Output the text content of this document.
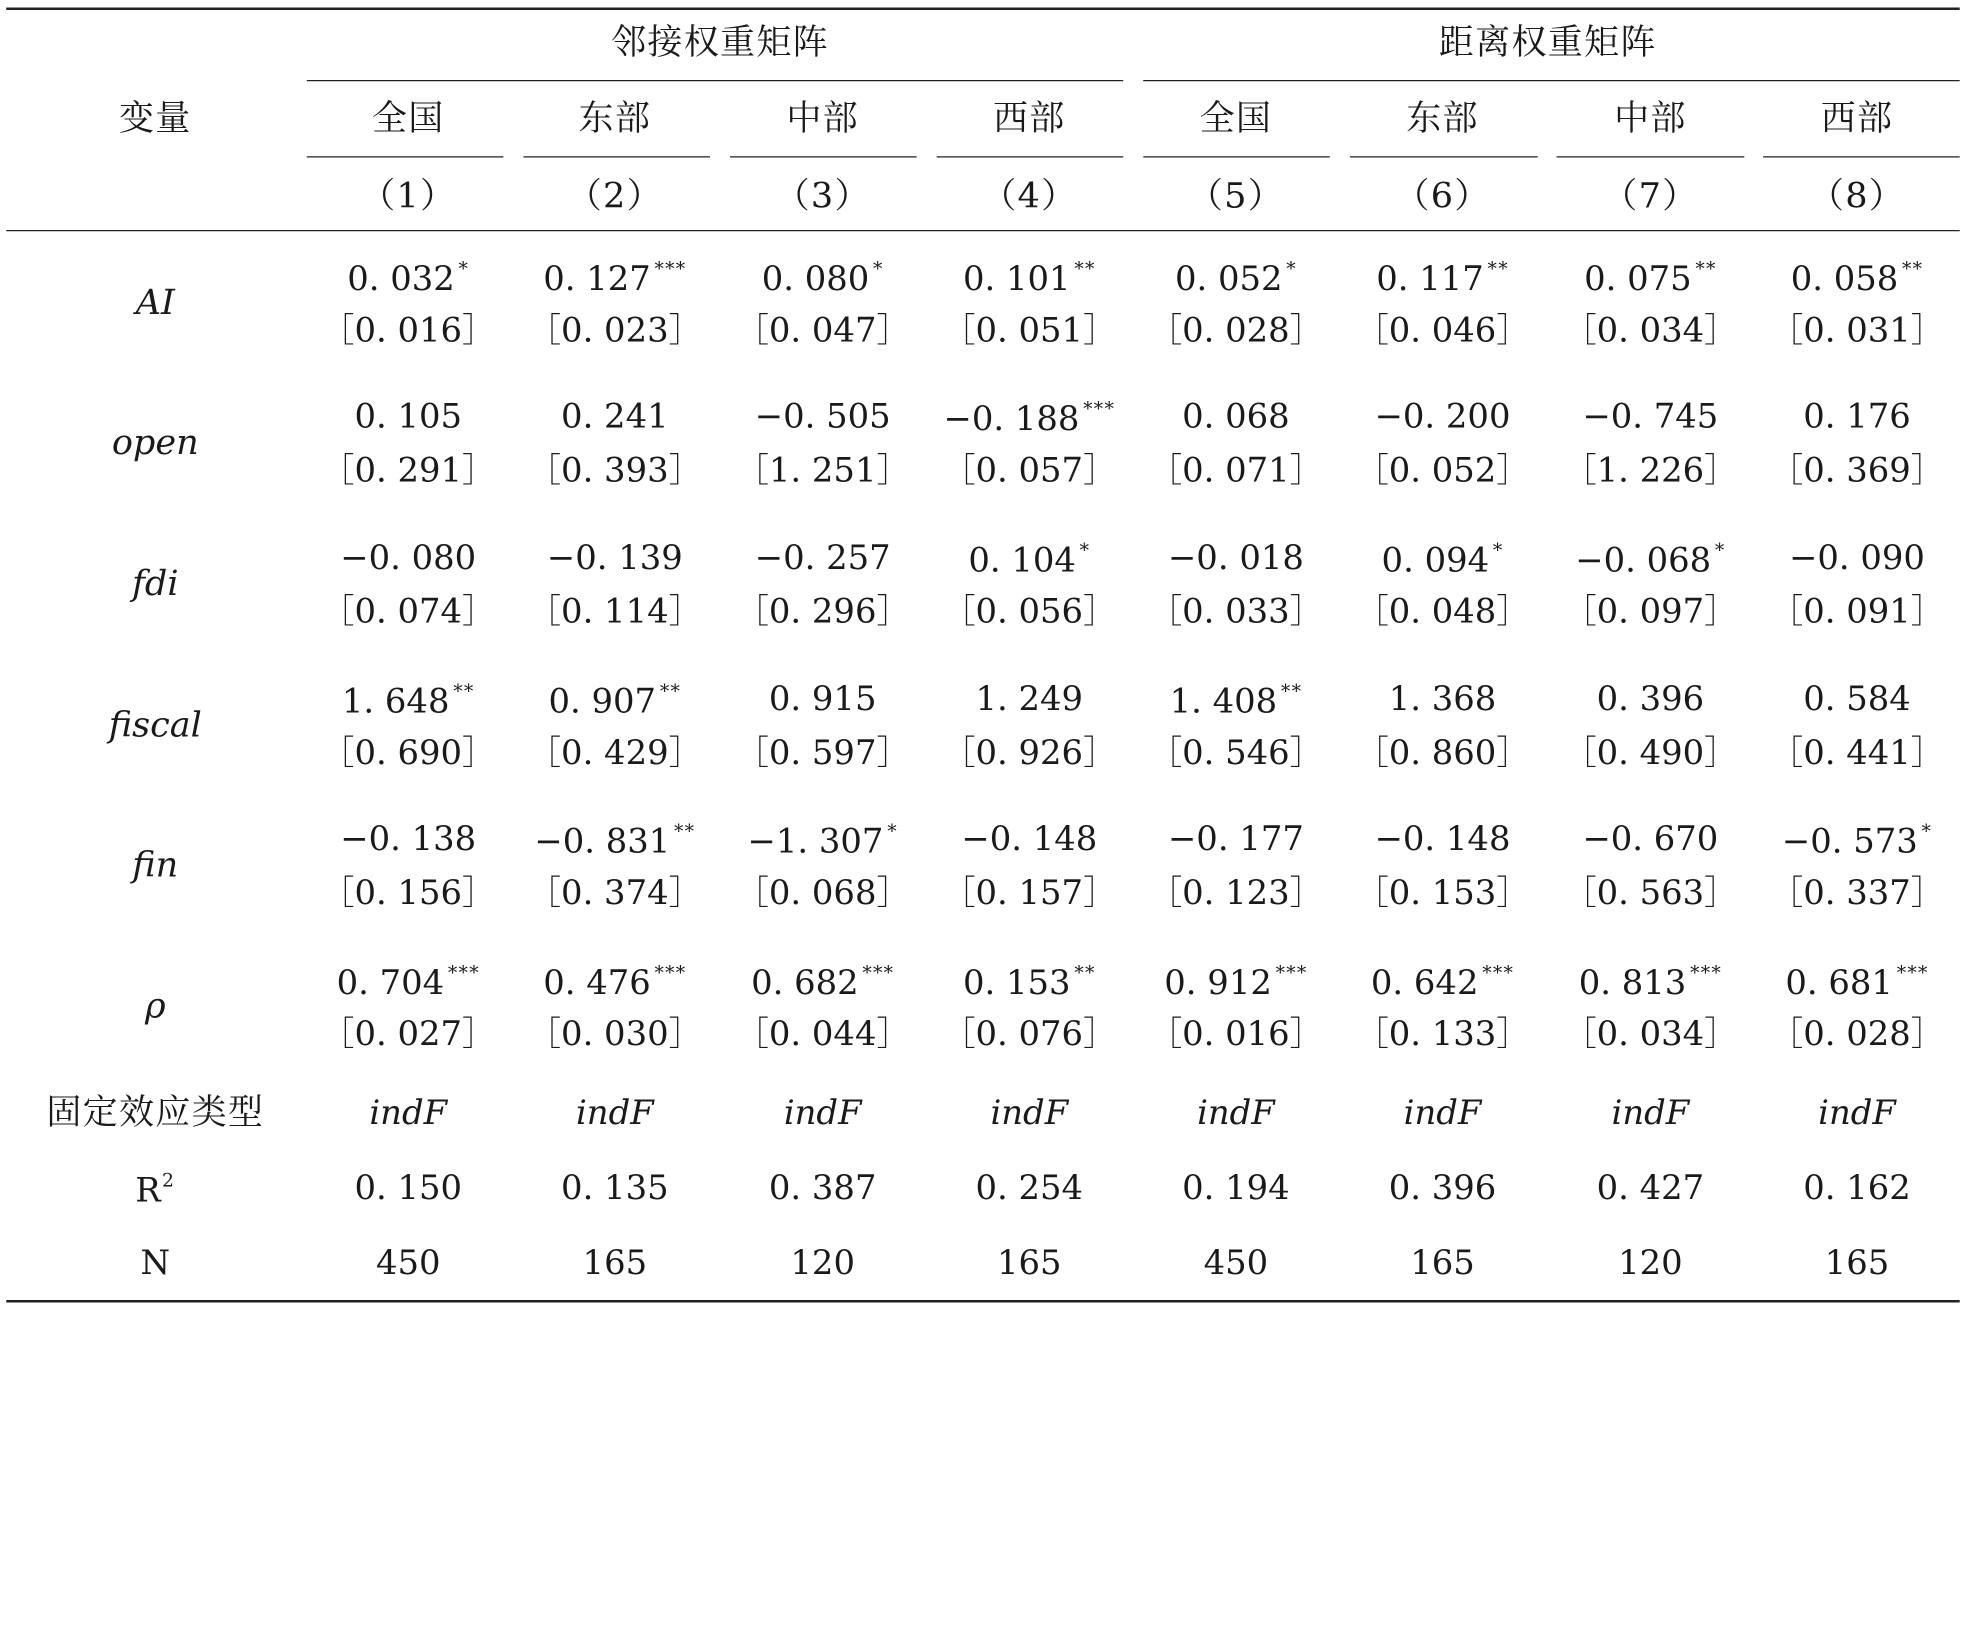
变量
邻接权重矩阵	距离权重矩阵
全国	东部	中部	西部	全国	东部	中部	西部
（1）	（2）	（3）	（4）	（5）	（6）	（7）	（8）
AI
0. 032 *	0. 127 ***	0. 080 *	0. 101 **	0. 052 *	0. 117 **	0. 075 **	0. 058 **
［0. 016］ ［0. 023］ ［0. 047］ ［0. 051］ ［0. 028］ ［0. 046］ ［0. 034］ ［0. 031］
open
0. 105	0. 241	−0. 505 −0. 188 *** 0. 068	−0. 200	−0. 745	0. 176
［0. 291］ ［0. 393］ ［1. 251］ ［0. 057］ ［0. 071］ ［0. 052］ ［1. 226］ ［0. 369］
fdi
−0. 080	−0. 139	−0. 257	0. 104 *	−0. 018	0. 094 *	−0. 068 * −0. 090
［0. 074］ ［0. 114］ ［0. 296］ ［0. 056］ ［0. 033］ ［0. 048］ ［0. 097］ ［0. 091］
fiscal
1. 648 **	0. 907 **	0. 915	1. 249	1. 408 **	1. 368	0. 396	0. 584
［0. 690］ ［0. 429］ ［0. 597］ ［0. 926］ ［0. 546］ ［0. 860］ ［0. 490］ ［0. 441］
fin
−0. 138 −0. 831 ** −1. 307 * −0. 148	−0. 177	−0. 148	−0. 670 −0. 573 *
［0. 156］ ［0. 374］ ［0. 068］ ［0. 157］ ［0. 123］ ［0. 153］ ［0. 563］ ［0. 337］
ρ
0. 704 *** 0. 476 *** 0. 682 ***	0. 153 **	0. 912 *** 0. 642 *** 0. 813 *** 0. 681 ***
［0. 027］ ［0. 030］ ［0. 044］ ［0. 076］ ［0. 016］ ［0. 133］ ［0. 034］ ［0. 028］
固定效应类型	indF	indF	indF	indF	indF	indF	indF	indF
$R^2$	0. 150	0. 135	0. 387	0. 254	0. 194	0. 396	0. 427	0. 162
N	450	165	120	165	450	165	120	165
